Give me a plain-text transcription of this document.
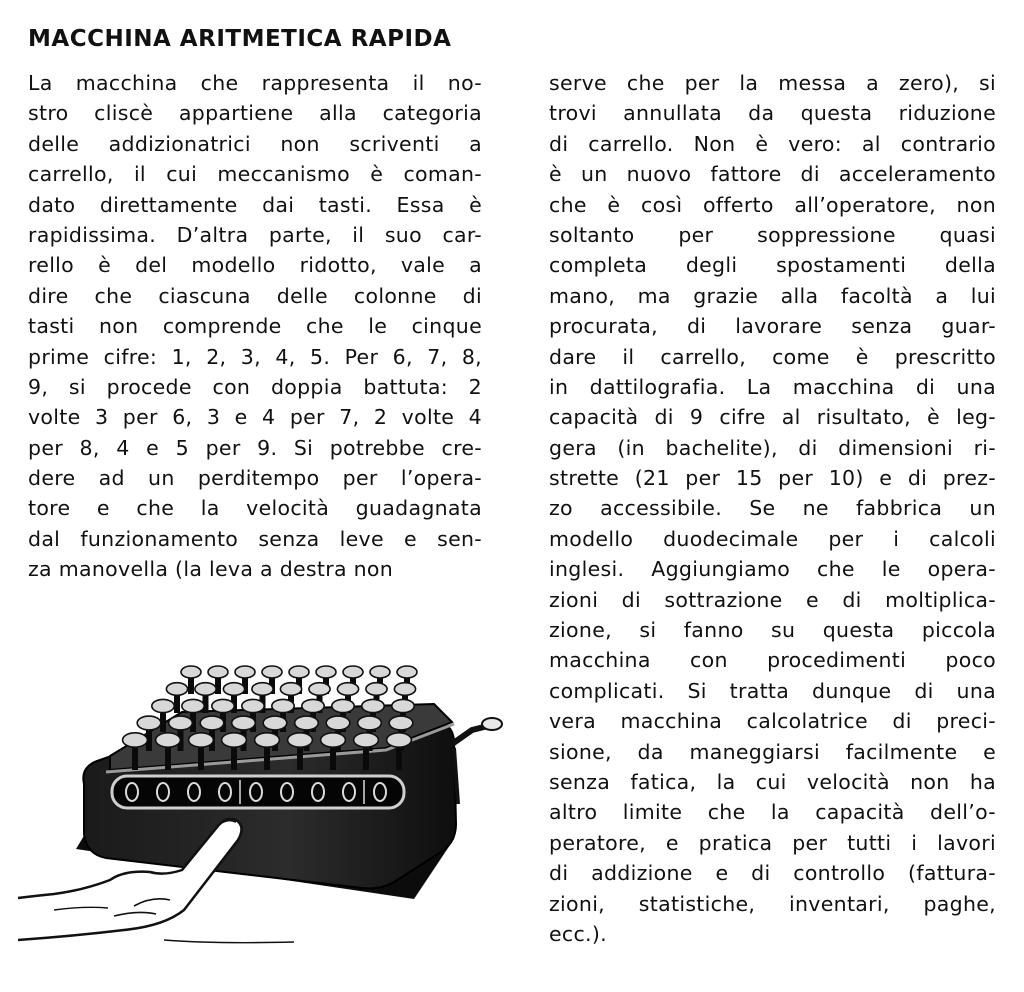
MACCHINA ARITMETICA RAPIDA
La macchina che rappresenta il no-
stro cliscè appartiene alla categoria
delle addizionatrici non scriventi a
carrello, il cui meccanismo è coman-
dato direttamente dai tasti. Essa è
rapidissima. D’altra parte, il suo car-
rello è del modello ridotto, vale a
dire che ciascuna delle colonne di
tasti non comprende che le cinque
prime cifre: 1, 2, 3, 4, 5. Per 6, 7, 8,
9, si procede con doppia battuta: 2
volte 3 per 6, 3 e 4 per 7, 2 volte 4
per 8, 4 e 5 per 9. Si potrebbe cre-
dere ad un perditempo per l’opera-
tore e che la velocità guadagnata
dal funzionamento senza leve e sen-
za manovella (la leva a destra non
serve che per la messa a zero), si
trovi annullata da questa riduzione
di carrello. Non è vero: al contrario
è un nuovo fattore di acceleramento
che è così offerto all’operatore, non
soltanto per soppressione quasi
completa degli spostamenti della
mano, ma grazie alla facoltà a lui
procurata, di lavorare senza guar-
dare il carrello, come è prescritto
in dattilografia. La macchina di una
capacità di 9 cifre al risultato, è leg-
gera (in bachelite), di dimensioni ri-
strette (21 per 15 per 10) e di prez-
zo accessibile. Se ne fabbrica un
modello duodecimale per i calcoli
inglesi. Aggiungiamo che le opera-
zioni di sottrazione e di moltiplica-
zione, si fanno su questa piccola
macchina con procedimenti poco
complicati. Si tratta dunque di una
vera macchina calcolatrice di preci-
sione, da maneggiarsi facilmente e
senza fatica, la cui velocità non ha
altro limite che la capacità dell’o-
peratore, e pratica per tutti i lavori
di addizione e di controllo (fattura-
zioni, statistiche, inventari, paghe,
ecc.).
